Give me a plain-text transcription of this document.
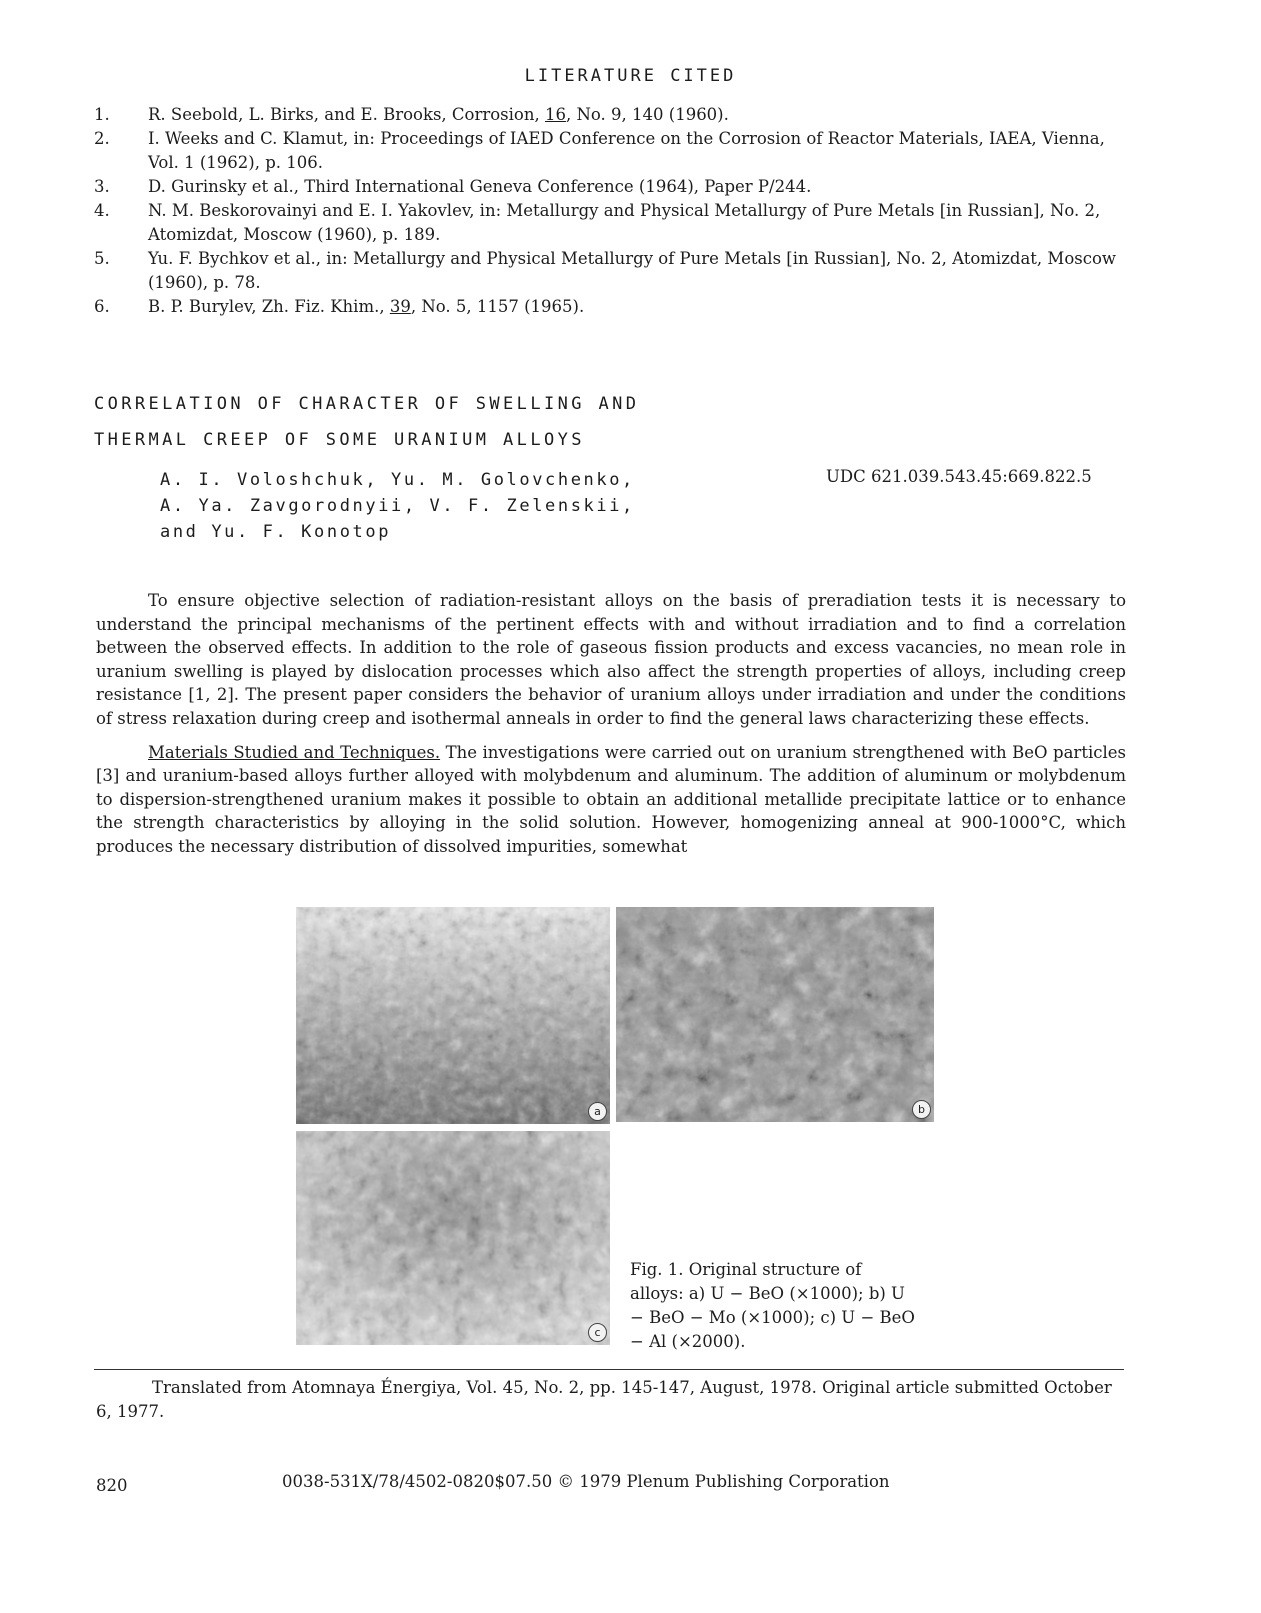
LITERATURE CITED
1.	R. Seebold, L. Birks, and E. Brooks, Corrosion, 16, No. 9, 140 (1960).
2.	I. Weeks and C. Klamut, in: Proceedings of IAED Conference on the Corrosion of Reactor Materials, IAEA, Vienna, Vol. 1 (1962), p. 106.
3.	D. Gurinsky et al., Third International Geneva Conference (1964), Paper P/244.
4.	N. M. Beskorovainyi and E. I. Yakovlev, in: Metallurgy and Physical Metallurgy of Pure Metals [in Russian], No. 2, Atomizdat, Moscow (1960), p. 189.
5.	Yu. F. Bychkov et al., in: Metallurgy and Physical Metallurgy of Pure Metals [in Russian], No. 2, Atomizdat, Moscow (1960), p. 78.
6.	B. P. Burylev, Zh. Fiz. Khim., 39, No. 5, 1157 (1965).
CORRELATION OF CHARACTER OF SWELLING AND
THERMAL CREEP OF SOME URANIUM ALLOYS
A. I. Voloshchuk, Yu. M. Golovchenko,
A. Ya. Zavgorodnyii, V. F. Zelenskii,
and Yu. F. Konotop
UDC 621.039.543.45:669.822.5

To ensure objective selection of radiation-resistant alloys on the basis of preradiation tests it is necessary to understand the principal mechanisms of the pertinent effects with and without irradiation and to find a correlation between the observed effects. In addition to the role of gaseous fission products and excess vacancies, no mean role in uranium swelling is played by dislocation processes which also affect the strength properties of alloys, including creep resistance [1, 2]. The present paper considers the behavior of uranium alloys under irradiation and under the conditions of stress relaxation during creep and isothermal anneals in order to find the general laws characterizing these effects.

Materials Studied and Techniques. The investigations were carried out on uranium strengthened with BeO particles [3] and uranium-based alloys further alloyed with molybdenum and aluminum. The addition of aluminum or molybdenum to dispersion-strengthened uranium makes it possible to obtain an additional metallide precipitate lattice or to enhance the strength characteristics by alloying in the solid solution. However, homogenizing anneal at 900-1000°C, which produces the necessary distribution of dissolved impurities, somewhat

a	b
c
Fig. 1. Original structure of alloys: a) U − BeO (×1000); b) U − BeO − Mo (×1000); c) U − BeO − Al (×2000).
Translated from Atomnaya Énergiya, Vol. 45, No. 2, pp. 145-147, August, 1978. Original article submitted October 6, 1977.
820	0038-531X/78/4502-0820$07.50 © 1979 Plenum Publishing Corporation
